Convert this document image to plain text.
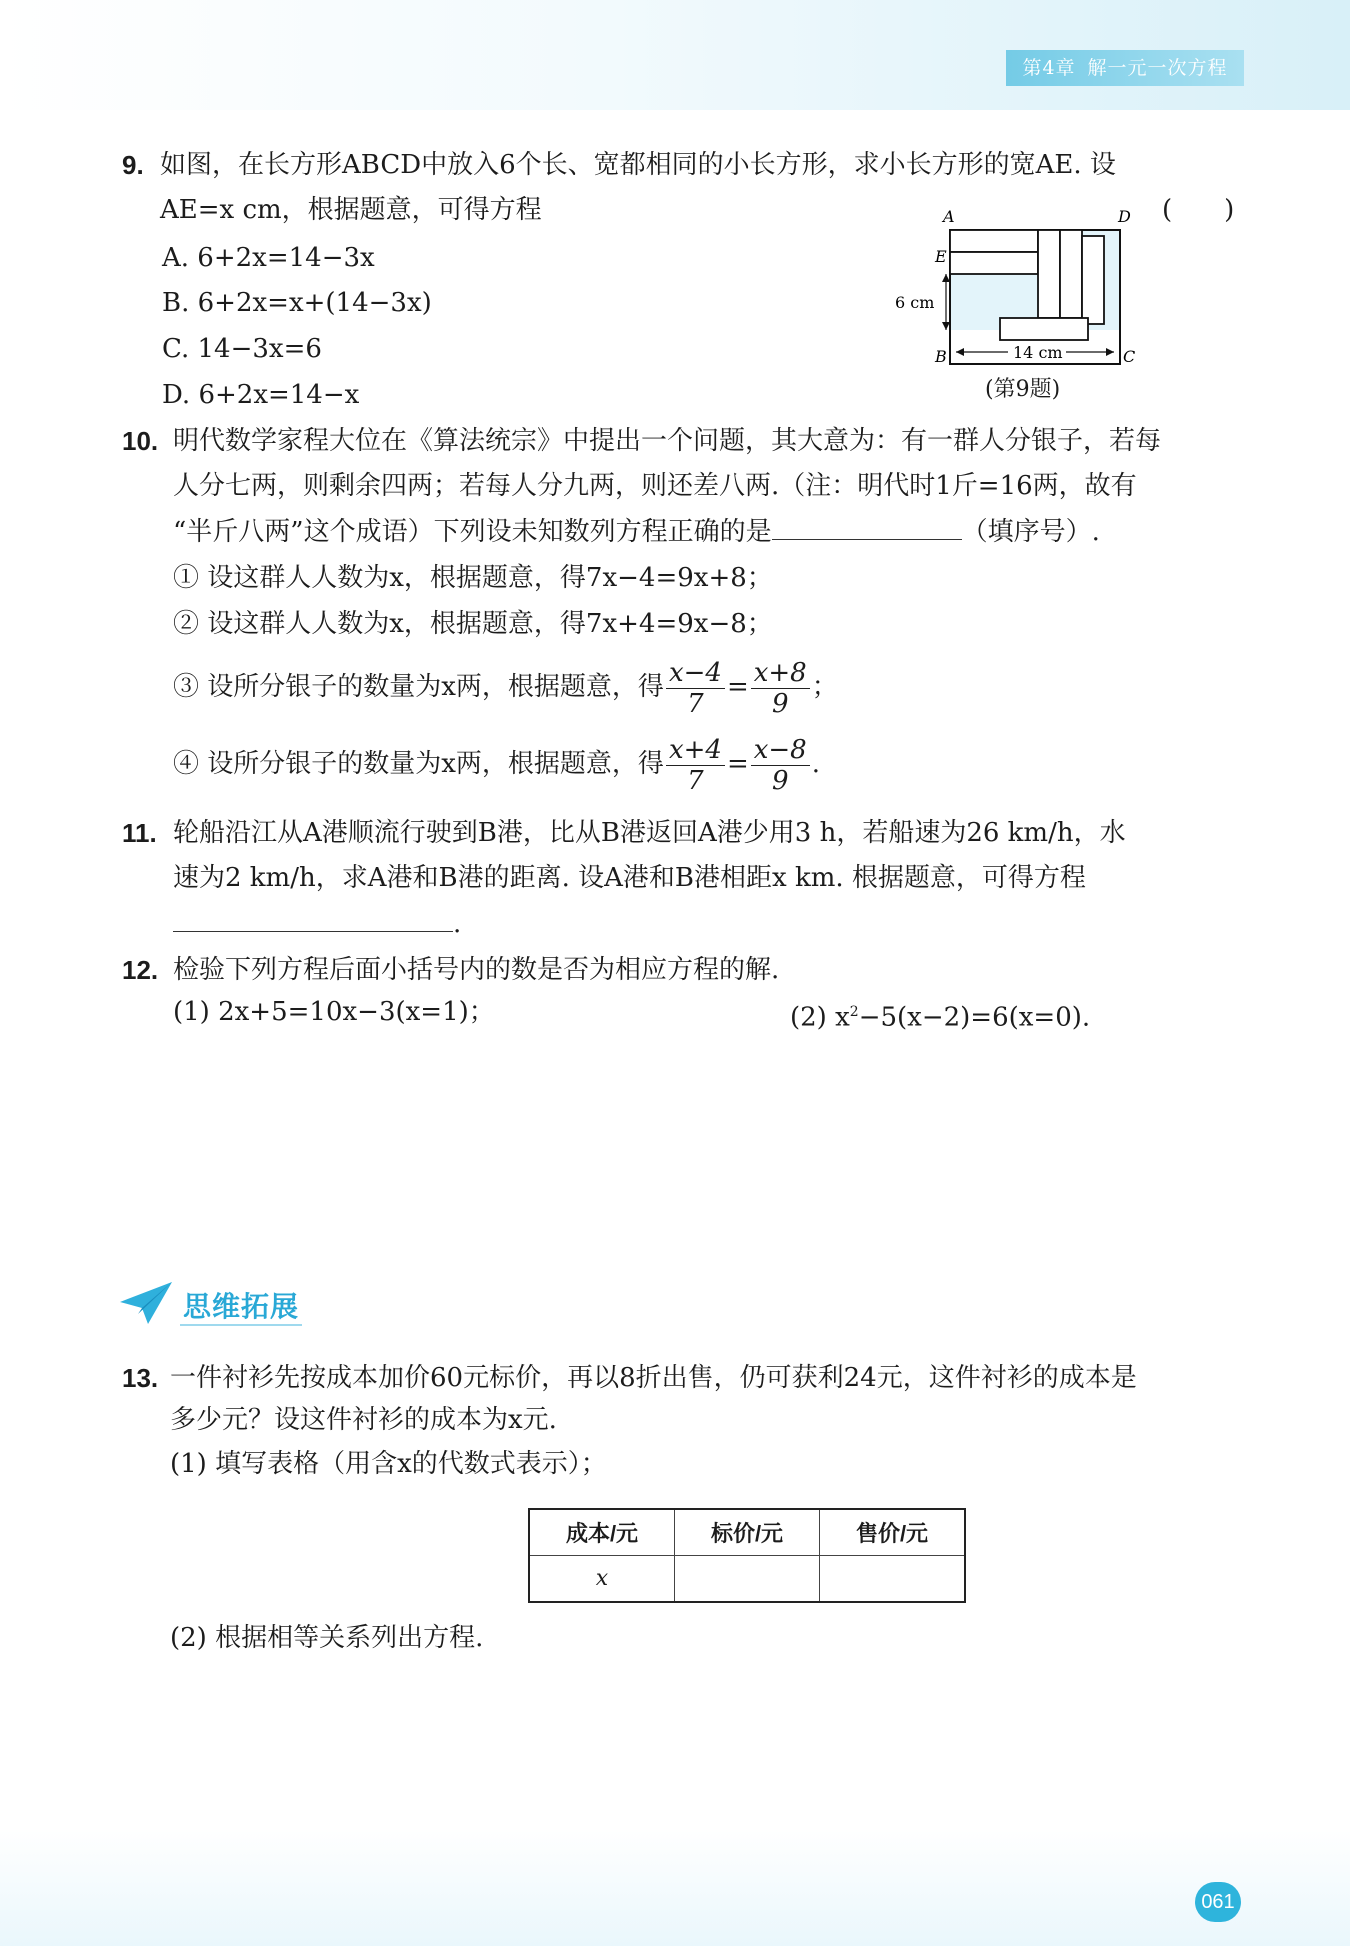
第4章 解一元一次方程
9. 如图，在长方形ABCD中放入6个长、宽都相同的小长方形，求小长方形的宽AE. 设
AE=x cm，根据题意，可得方程	(　　)
A. 6+2x=14−3x
B. 6+2x=x+(14−3x)
C. 14−3x=6
D. 6+2x=14−x
A	D
E
B	C
6 cm
14 cm
(第9题)
10. 明代数学家程大位在《算法统宗》中提出一个问题，其大意为：有一群人分银子，若每
人分七两，则剩余四两；若每人分九两，则还差八两.（注：明代时1斤=16两，故有
“半斤八两”这个成语）下列设未知数列方程正确的是	（填序号）.
① 设这群人人数为x，根据题意，得7x−4=9x+8；
② 设这群人人数为x，根据题意，得7x+4=9x−8；
③ 设所分银子的数量为x两，根据题意，得 $\frac{x-4}{7} = \frac{x+8}{9}$ ；
④ 设所分银子的数量为x两，根据题意，得 $\frac{x+4}{7} = \frac{x-8}{9}$ .
11. 轮船沿江从A港顺流行驶到B港，比从B港返回A港少用3 h，若船速为26 km/h，水
速为2 km/h，求A港和B港的距离. 设A港和B港相距x km. 根据题意，可得方程
.
12. 检验下列方程后面小括号内的数是否为相应方程的解.
(1) 2x+5=10x−3(x=1)；	(2) $x^2-5(x-2)=6(x=0)$.
思维拓展
13. 一件衬衫先按成本加价60元标价，再以8折出售，仍可获利24元，这件衬衫的成本是
多少元？设这件衬衫的成本为x元.
(1) 填写表格（用含x的代数式表示）；
成本/元	标价/元	售价/元
x		
(2) 根据相等关系列出方程.
061
